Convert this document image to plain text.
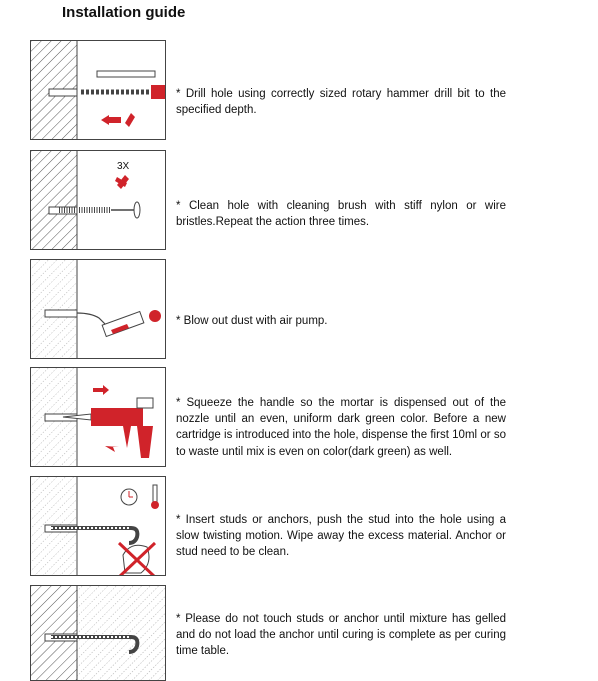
Installation guide
* Drill hole using correctly sized rotary hammer drill bit to the specified depth.
3X
* Clean hole with cleaning brush with stiff nylon or wire bristles.Repeat the action three times.
* Blow out dust with air pump.
* Squeeze the handle so the mortar is dispensed out of the nozzle until an even, uniform dark green color. Before a new cartridge is introduced into the hole, dispense the first 10ml or so to waste until mix is even on color(dark green) as well.
* Insert studs or anchors, push the stud into the hole using a slow twisting motion. Wipe away the excess material. Anchor or stud need to be clean.
* Please do not touch studs or anchor until mixture has gelled and do not load the anchor until curing is complete as per curing time table.
